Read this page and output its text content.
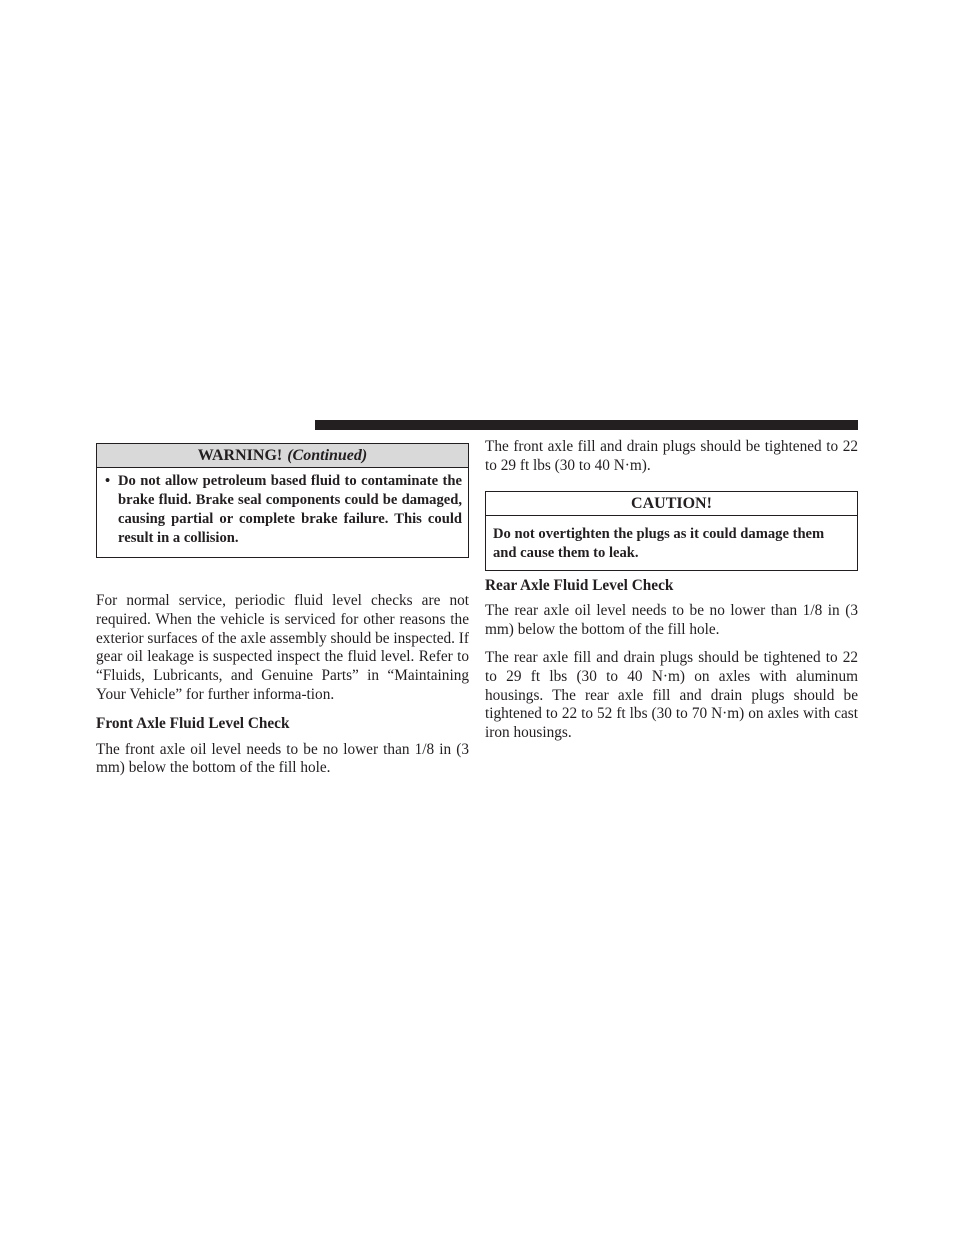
WARNING! (Continued)
• Do not allow petroleum based fluid to contaminate the brake fluid. Brake seal components could be damaged, causing partial or complete brake failure. This could result in a collision.

For normal service, periodic fluid level checks are not required. When the vehicle is serviced for other reasons the exterior surfaces of the axle assembly should be inspected. If gear oil leakage is suspected inspect the fluid level. Refer to “Fluids, Lubricants, and Genuine Parts” in “Maintaining Your Vehicle” for further informa-tion.

Front Axle Fluid Level Check

The front axle oil level needs to be no lower than 1/8 in (3 mm) below the bottom of the fill hole.

The front axle fill and drain plugs should be tightened to 22 to 29 ft lbs (30 to 40 N·m).

CAUTION!
Do not overtighten the plugs as it could damage them and cause them to leak.
Rear Axle Fluid Level Check

The rear axle oil level needs to be no lower than 1/8 in (3 mm) below the bottom of the fill hole.

The rear axle fill and drain plugs should be tightened to 22 to 29 ft lbs (30 to 40 N·m) on axles with aluminum housings. The rear axle fill and drain plugs should be tightened to 22 to 52 ft lbs (30 to 70 N·m) on axles with cast iron housings.
